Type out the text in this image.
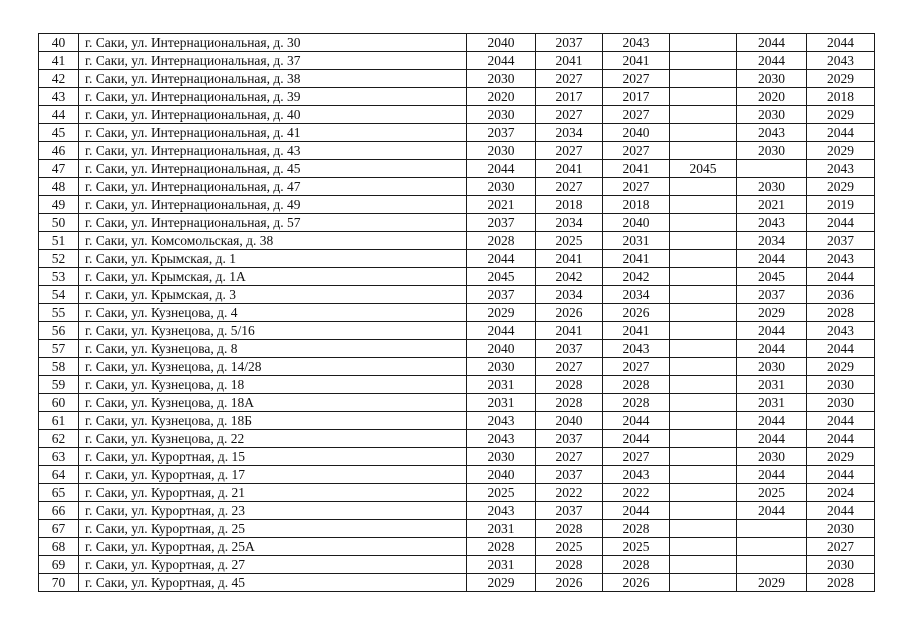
40	г. Саки, ул. Интернациональная, д. 30	2040	2037	2043		2044	2044
41	г. Саки, ул. Интернациональная, д. 37	2044	2041	2041		2044	2043
42	г. Саки, ул. Интернациональная, д. 38	2030	2027	2027		2030	2029
43	г. Саки, ул. Интернациональная, д. 39	2020	2017	2017		2020	2018
44	г. Саки, ул. Интернациональная, д. 40	2030	2027	2027		2030	2029
45	г. Саки, ул. Интернациональная, д. 41	2037	2034	2040		2043	2044
46	г. Саки, ул. Интернациональная, д. 43	2030	2027	2027		2030	2029
47	г. Саки, ул. Интернациональная, д. 45	2044	2041	2041	2045		2043
48	г. Саки, ул. Интернациональная, д. 47	2030	2027	2027		2030	2029
49	г. Саки, ул. Интернациональная, д. 49	2021	2018	2018		2021	2019
50	г. Саки, ул. Интернациональная, д. 57	2037	2034	2040		2043	2044
51	г. Саки, ул. Комсомольская, д. 38	2028	2025	2031		2034	2037
52	г. Саки, ул. Крымская, д. 1	2044	2041	2041		2044	2043
53	г. Саки, ул. Крымская, д. 1А	2045	2042	2042		2045	2044
54	г. Саки, ул. Крымская, д. 3	2037	2034	2034		2037	2036
55	г. Саки, ул. Кузнецова, д. 4	2029	2026	2026		2029	2028
56	г. Саки, ул. Кузнецова, д. 5/16	2044	2041	2041		2044	2043
57	г. Саки, ул. Кузнецова, д. 8	2040	2037	2043		2044	2044
58	г. Саки, ул. Кузнецова, д. 14/28	2030	2027	2027		2030	2029
59	г. Саки, ул. Кузнецова, д. 18	2031	2028	2028		2031	2030
60	г. Саки, ул. Кузнецова, д. 18А	2031	2028	2028		2031	2030
61	г. Саки, ул. Кузнецова, д. 18Б	2043	2040	2044		2044	2044
62	г. Саки, ул. Кузнецова, д. 22	2043	2037	2044		2044	2044
63	г. Саки, ул. Курортная, д. 15	2030	2027	2027		2030	2029
64	г. Саки, ул. Курортная, д. 17	2040	2037	2043		2044	2044
65	г. Саки, ул. Курортная, д. 21	2025	2022	2022		2025	2024
66	г. Саки, ул. Курортная, д. 23	2043	2037	2044		2044	2044
67	г. Саки, ул. Курортная, д. 25	2031	2028	2028			2030
68	г. Саки, ул. Курортная, д. 25А	2028	2025	2025			2027
69	г. Саки, ул. Курортная, д. 27	2031	2028	2028			2030
70	г. Саки, ул. Курортная, д. 45	2029	2026	2026		2029	2028
